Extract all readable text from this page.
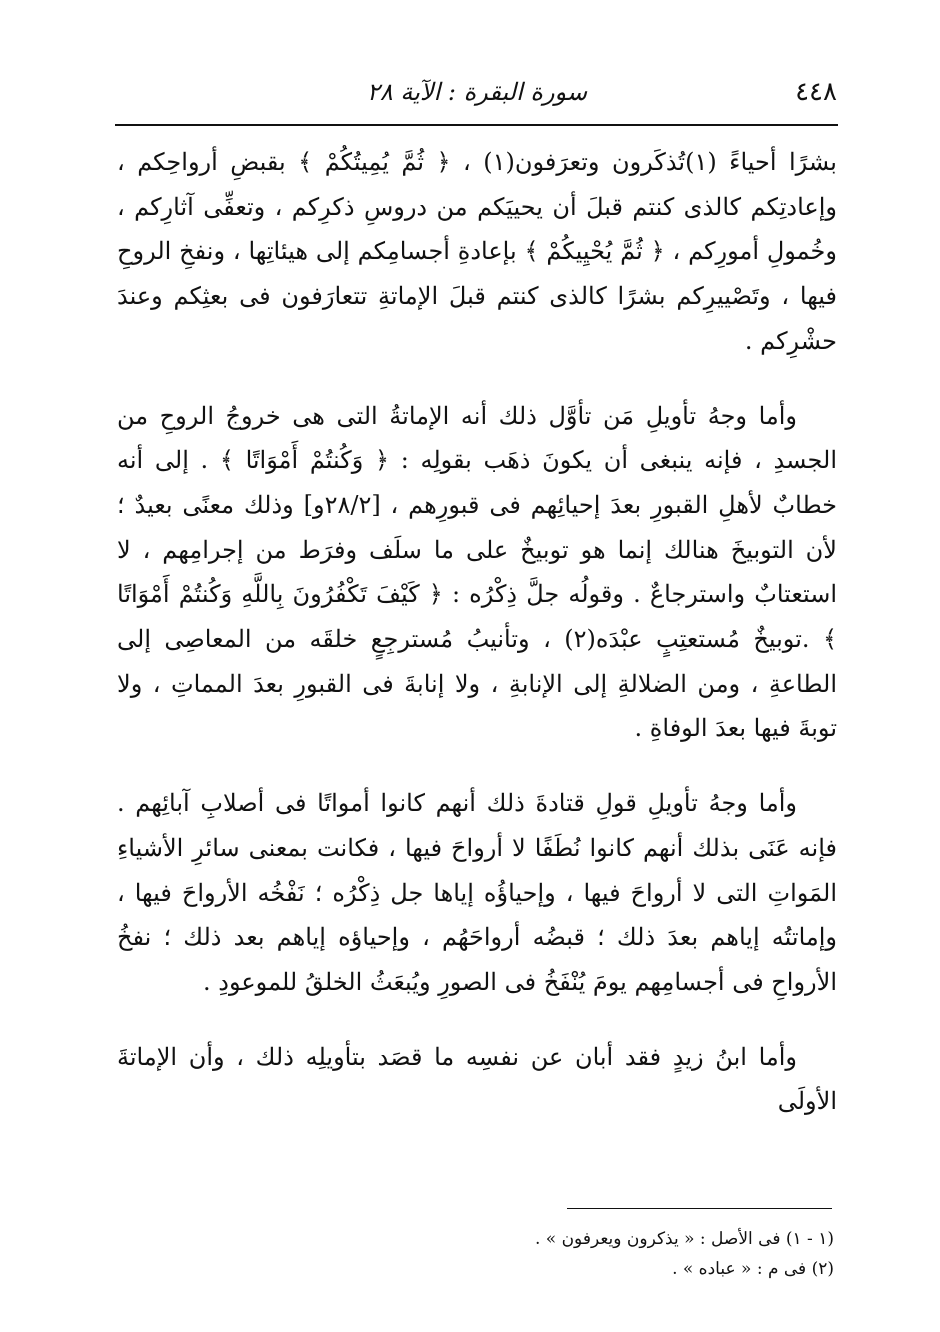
٤٤٨
سورة البقرة : الآية ٢٨

بشرًا أحياءً (١)تُذكَرون وتعرَفون(١) ، ﴿ ثُمَّ يُمِيتُكُمْ ﴾ بقبضِ أرواحِكم ، وإعادتِكم كالذى كنتم قبلَ أن يحييَكم من دروسِ ذكرِكم ، وتعفِّى آثارِكم ، وخُمولِ أمورِكم ، ﴿ ثُمَّ يُحْيِيكُمْ ﴾ بإعادةِ أجسامِكم إلى هيئاتِها ، ونفخِ الروحِ فيها ، وتَصْييرِكم بشرًا كالذى كنتم قبلَ الإماتةِ تتعارَفون فى بعثِكم وعندَ حشْرِكم .

وأما وجهُ تأويلِ مَن تأوَّل ذلك أنه الإماتةُ التى هى خروجُ الروحِ من الجسدِ ، فإنه ينبغى أن يكونَ ذهَب بقولِه : ﴿ وَكُنتُمْ أَمْوَاتًا ﴾ . إلى أنه خطابٌ لأهلِ القبورِ بعدَ إحيائِهم فى قبورِهم ، [٢٨/٢و] وذلك معنًى بعيدٌ ؛ لأن التوبيخَ هنالك إنما هو توبيخٌ على ما سلَف وفرَط من إجرامِهم ، لا استعتابٌ واسترجاعٌ . وقولُه جلَّ ذِكْرُه : ﴿ كَيْفَ تَكْفُرُونَ بِاللَّهِ وَكُنتُمْ أَمْوَاتًا ﴾ .توبيخٌ مُستعتِبٍ عبْدَه(٢) ، وتأنيبُ مُسترجِعٍ خلقَه من المعاصِى إلى الطاعةِ ، ومن الضلالةِ إلى الإنابةِ ، ولا إنابةَ فى القبورِ بعدَ المماتِ ، ولا توبةَ فيها بعدَ الوفاةِ .

وأما وجهُ تأويلِ قولِ قتادةَ ذلك أنهم كانوا أمواتًا فى أصلابِ آبائِهم . فإنه عَنَى بذلك أنهم كانوا نُطَفًا لا أرواحَ فيها ، فكانت بمعنى سائرِ الأشياءِ المَواتِ التى لا أرواحَ فيها ، وإحياؤُه إياها جل ذِكْرُه ؛ نَفْخُه الأرواحَ فيها ، وإماتتُه إياهم بعدَ ذلك ؛ قبضُه أرواحَهُم ، وإحياؤه إياهم بعد ذلك ؛ نفخُ الأرواحِ فى أجسامِهم يومَ يُنْفَخُ فى الصورِ ويُبعَثُ الخلقُ للموعودِ .

وأما ابنُ زيدٍ فقد أبان عن نفسِه ما قصَد بتأويلِه ذلك ، وأن الإماتةَ الأولَى

(١ - ١) فى الأصل : « يذكرون ويعرفون » .

(٢) فى م : « عباده » .
